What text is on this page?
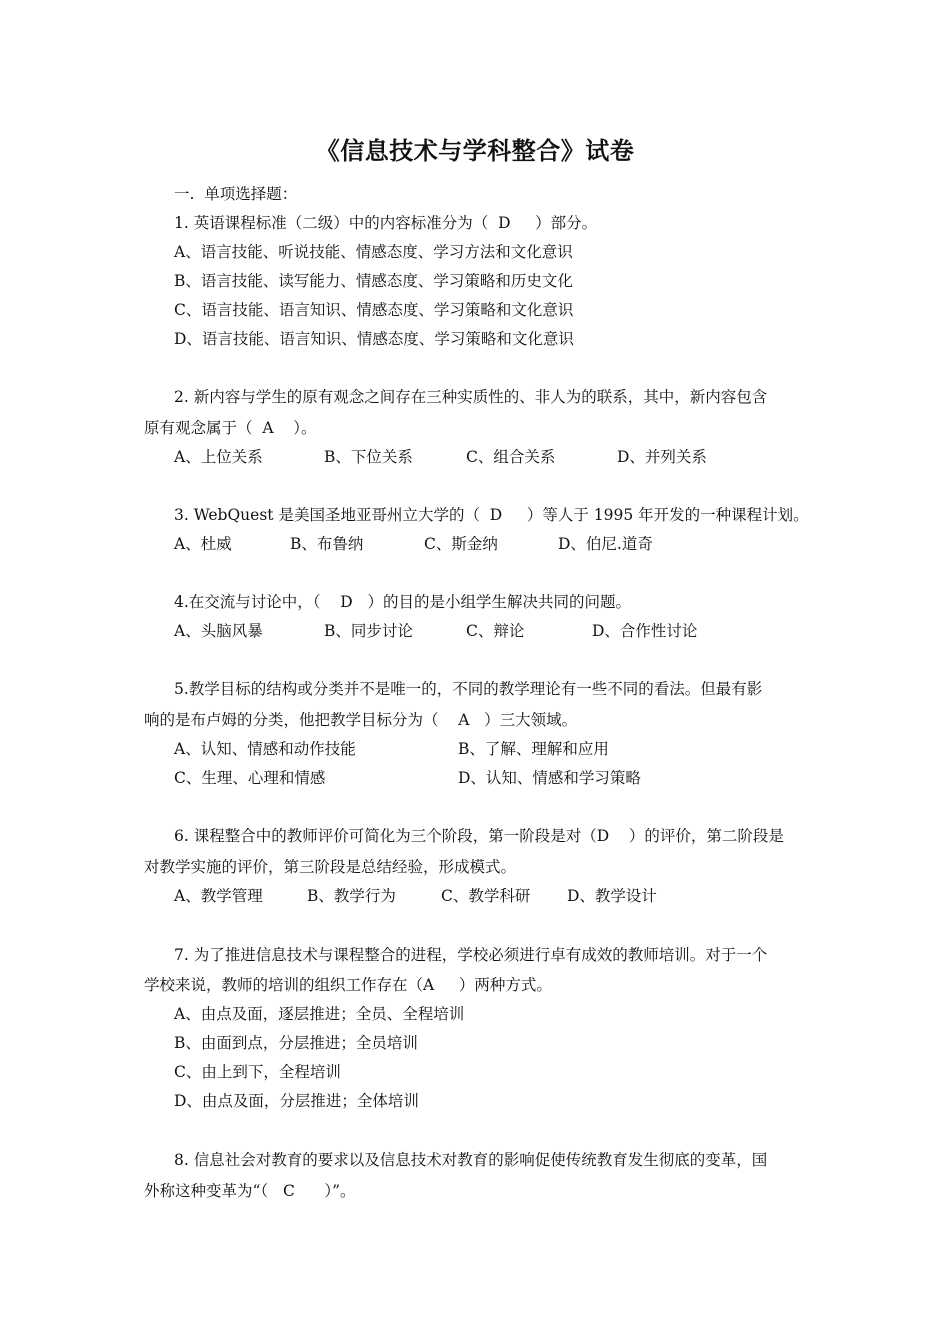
《信息技术与学科整合》试卷
一.  单项选择题：
1. 英语课程标准（二级）中的内容标准分为（  D     ）部分。
A、语言技能、听说技能、情感态度、学习方法和文化意识
B、语言技能、读写能力、情感态度、学习策略和历史文化
C、语言技能、语言知识、情感态度、学习策略和文化意识
D、语言技能、语言知识、情感态度、学习策略和文化意识
2. 新内容与学生的原有观念之间存在三种实质性的、非人为的联系，其中，新内容包含
原有观念属于（  A    ）。
A、上位关系	B、下位关系	C、组合关系	D、并列关系
3. WebQuest 是美国圣地亚哥州立大学的（  D     ）等人于 1995 年开发的一种课程计划。
A、杜威	B、布鲁纳	C、斯金纳	D、伯尼.道奇
4.在交流与讨论中，（    D   ）的目的是小组学生解决共同的问题。
A、头脑风暴	B、同步讨论	C、辩论	D、合作性讨论
5.教学目标的结构或分类并不是唯一的，不同的教学理论有一些不同的看法。但最有影
响的是布卢姆的分类，他把教学目标分为（    A   ）三大领域。
A、认知、情感和动作技能	B、了解、理解和应用
C、生理、心理和情感	D、认知、情感和学习策略
6. 课程整合中的教师评价可简化为三个阶段，第一阶段是对（D    ）的评价，第二阶段是
对教学实施的评价，第三阶段是总结经验，形成模式。
A、教学管理	B、教学行为	C、教学科研 D、教学设计
7. 为了推进信息技术与课程整合的进程，学校必须进行卓有成效的教师培训。对于一个
学校来说，教师的培训的组织工作存在（A     ）两种方式。
A、由点及面，逐层推进；全员、全程培训
B、由面到点，分层推进；全员培训
C、由上到下，全程培训
D、由点及面，分层推进；全体培训
8. 信息社会对教育的要求以及信息技术对教育的影响促使传统教育发生彻底的变革，国
外称这种变革为“（   C      ）”。
